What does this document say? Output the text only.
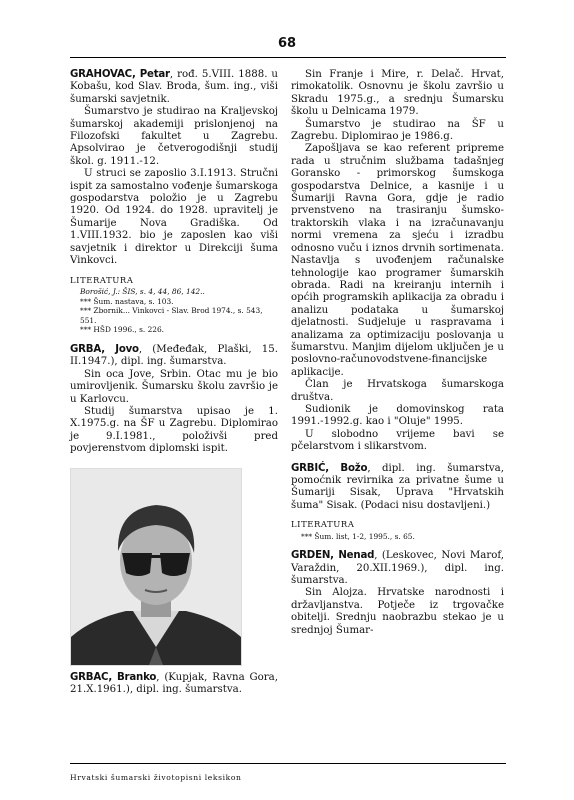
68

GRAHOVAC, Petar, rođ. 5.VIII. 1888. u Kobašu, kod Slav. Broda, šum. ing., viši šumarski savjetnik.

Šumarstvo je studirao na Kraljevskoj šumarskoj akademiji prislonjenoj na Filozofski fakultet u Zagrebu. Apsolvirao je četverogodišnji studij škol. g. 1911.-12.

U struci se zaposlio 3.I.1913. Stručni ispit za samostalno vođenje šumarskoga gospodarstva položio je u Zagrebu 1920. Od 1924. do 1928. upravitelj je Šumarije Nova Gradiška. Od 1.VIII.1932. bio je zaposlen kao viši savjetnik i direktor u Direkciji šuma Vinkovci.

LITERATURA

Borošić, J.: ŠIS, s. 4, 44, 86, 142..

*** Šum. nastava, s. 103.

*** Zbornik... Vinkovci - Slav. Brod 1974., s. 543, 551.

*** HŠD 1996., s. 226.

GRBA, Jovo, (Međeđak, Plaški, 15. II.1947.), dipl. ing. šumarstva.

Sin oca Jove, Srbin. Otac mu je bio umirovljenik. Šumarsku školu završio je u Karlovcu.

Studij šumarstva upisao je 1. X.1975.g. na ŠF u Zagrebu. Diplomirao je 9.I.1981., položivši pred povjerenstvom diplomski ispit.

GRBAC, Branko, (Kupjak, Ravna Gora, 21.X.1961.), dipl. ing. šumarstva.

Sin Franje i Mire, r. Delač. Hrvat, rimokatolik. Osnovnu je školu završio u Skradu 1975.g., a srednju Šumarsku školu u Delnicama 1979.

Šumarstvo je studirao na ŠF u Zagrebu. Diplomirao je 1986.g.

Zapošljava se kao referent pripreme rada u stručnim službama tadašnjeg Goransko - primorskog šumskoga gospodarstva Delnice, a kasnije i u Šumariji Ravna Gora, gdje je radio prvenstveno na trasiranju šumsko-traktorskih vlaka i na izračunavanju normi vremena za sjeću i izradbu odnosno vuču i iznos drvnih sortimenata. Nastavlja s uvođenjem računalske tehnologije kao programer šumarskih obrada. Radi na kreiranju internih i općih programskih aplikacija za obradu i analizu podataka u šumarskoj djelatnosti. Sudjeluje u raspravama i analizama za optimizaciju poslovanja u šumarstvu. Manjim dijelom uključen je u poslovno-računovodstvene-financijske aplikacije.

Član je Hrvatskoga šumarskoga društva.

Sudionik je domovinskog rata 1991.-1992.g. kao i "Oluje" 1995.

U slobodno vrijeme bavi se pčelarstvom i slikarstvom.

GRBIĆ, Božo, dipl. ing. šumarstva, pomoćnik revirnika za privatne šume u Šumariji Sisak, Uprava "Hrvatskih šuma" Sisak. (Podaci nisu dostavljeni.)

LITERATURA

*** Šum. list, 1-2, 1995., s. 65.

GRDEN, Nenad, (Leskovec, Novi Marof, Varaždin, 20.XII.1969.), dipl. ing. šumarstva.

Sin Alojza. Hrvatske narodnosti i državljanstva. Potječe iz trgovačke obitelji. Srednju naobrazbu stekao je u srednjoj Šumar-

Hrvatski šumarski životopisni leksikon
